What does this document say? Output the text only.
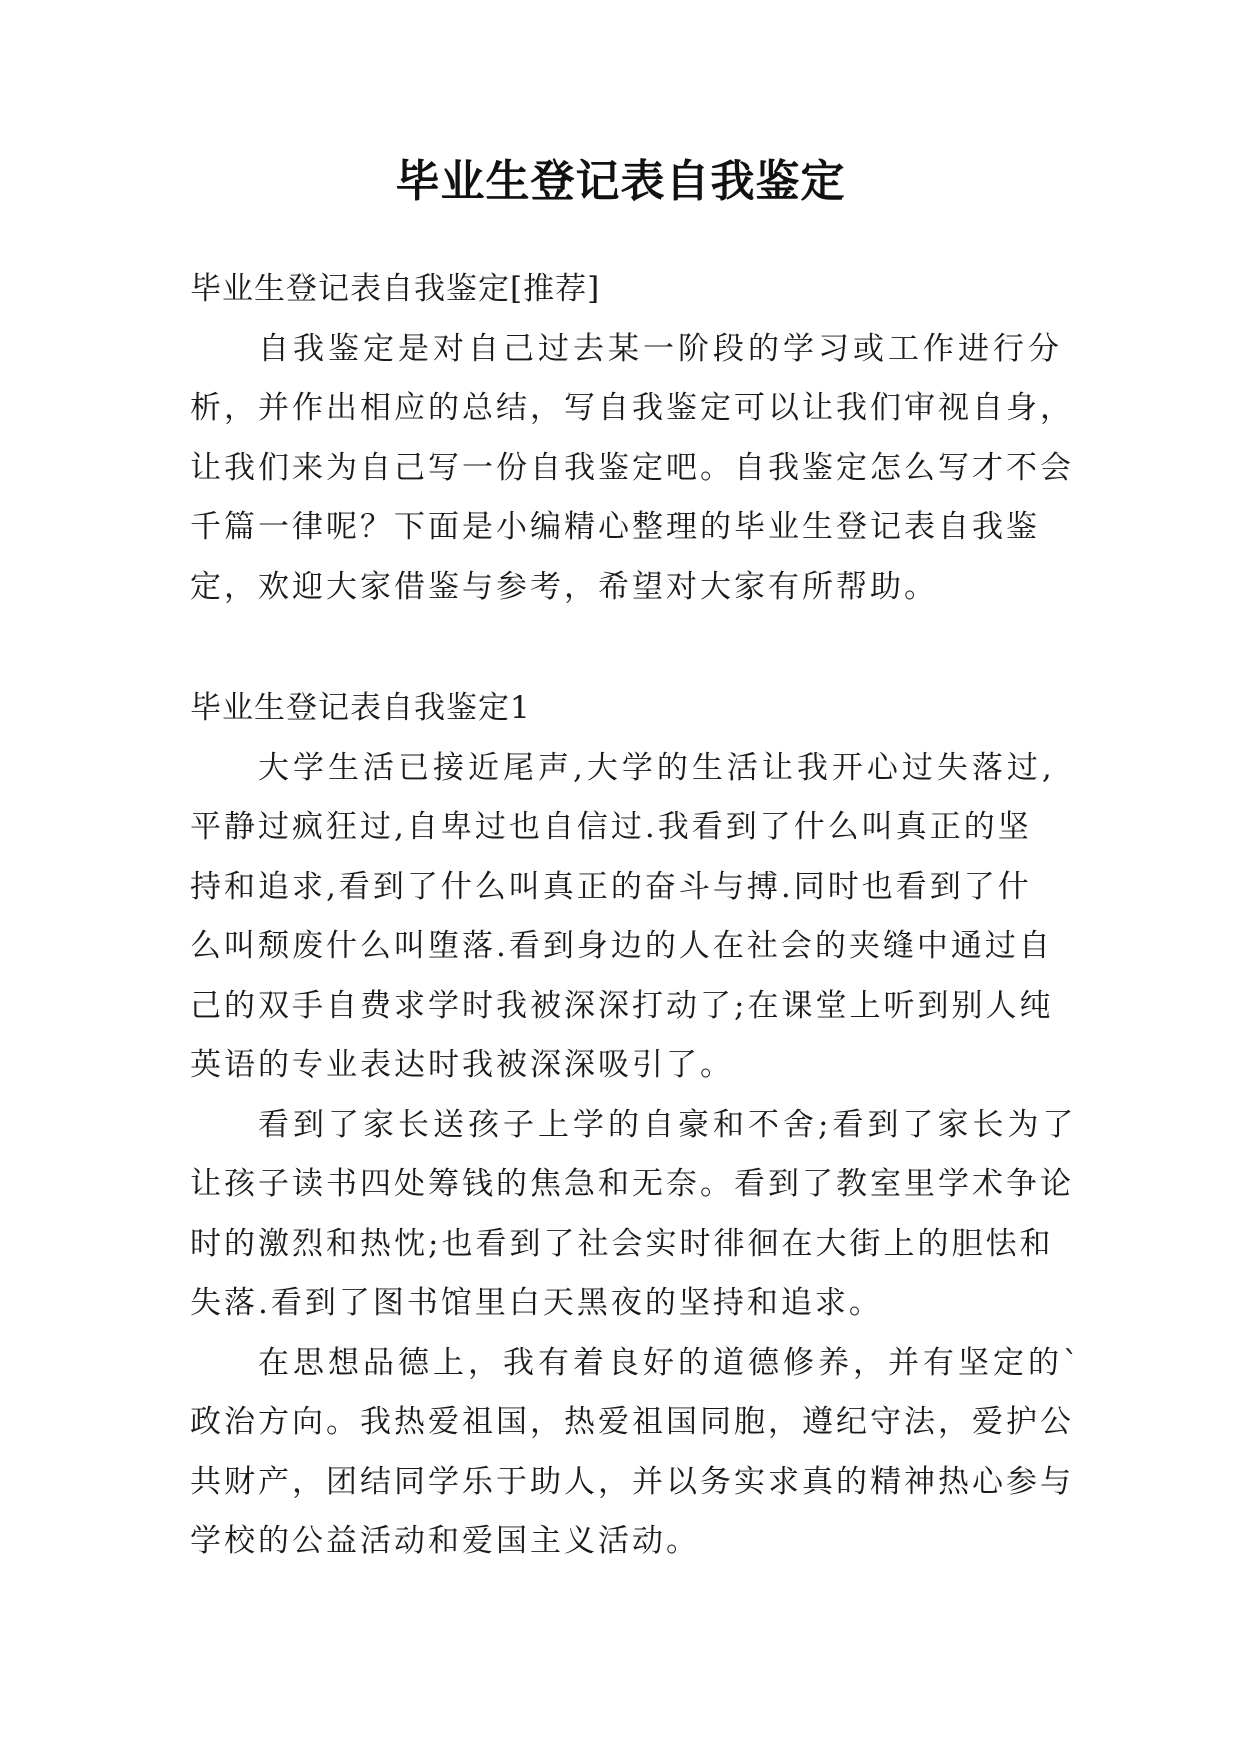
毕业生登记表自我鉴定
毕业生登记表自我鉴定[推荐]
自我鉴定是对自己过去某一阶段的学习或工作进行分
析，并作出相应的总结，写自我鉴定可以让我们审视自身，
让我们来为自己写一份自我鉴定吧。自我鉴定怎么写才不会
千篇一律呢？下面是小编精心整理的毕业生登记表自我鉴
定，欢迎大家借鉴与参考，希望对大家有所帮助。
毕业生登记表自我鉴定1
大学生活已接近尾声,大学的生活让我开心过失落过,
平静过疯狂过,自卑过也自信过.我看到了什么叫真正的坚
持和追求,看到了什么叫真正的奋斗与搏.同时也看到了什
么叫颓废什么叫堕落.看到身边的人在社会的夹缝中通过自
己的双手自费求学时我被深深打动了;在课堂上听到别人纯
英语的专业表达时我被深深吸引了。
看到了家长送孩子上学的自豪和不舍;看到了家长为了
让孩子读书四处筹钱的焦急和无奈。看到了教室里学术争论
时的激烈和热忱;也看到了社会实时徘徊在大街上的胆怯和
失落.看到了图书馆里白天黑夜的坚持和追求。
在思想品德上，我有着良好的道德修养，并有坚定的`
政治方向。我热爱祖国，热爱祖国同胞，遵纪守法，爱护公
共财产，团结同学乐于助人，并以务实求真的精神热心参与
学校的公益活动和爱国主义活动。
